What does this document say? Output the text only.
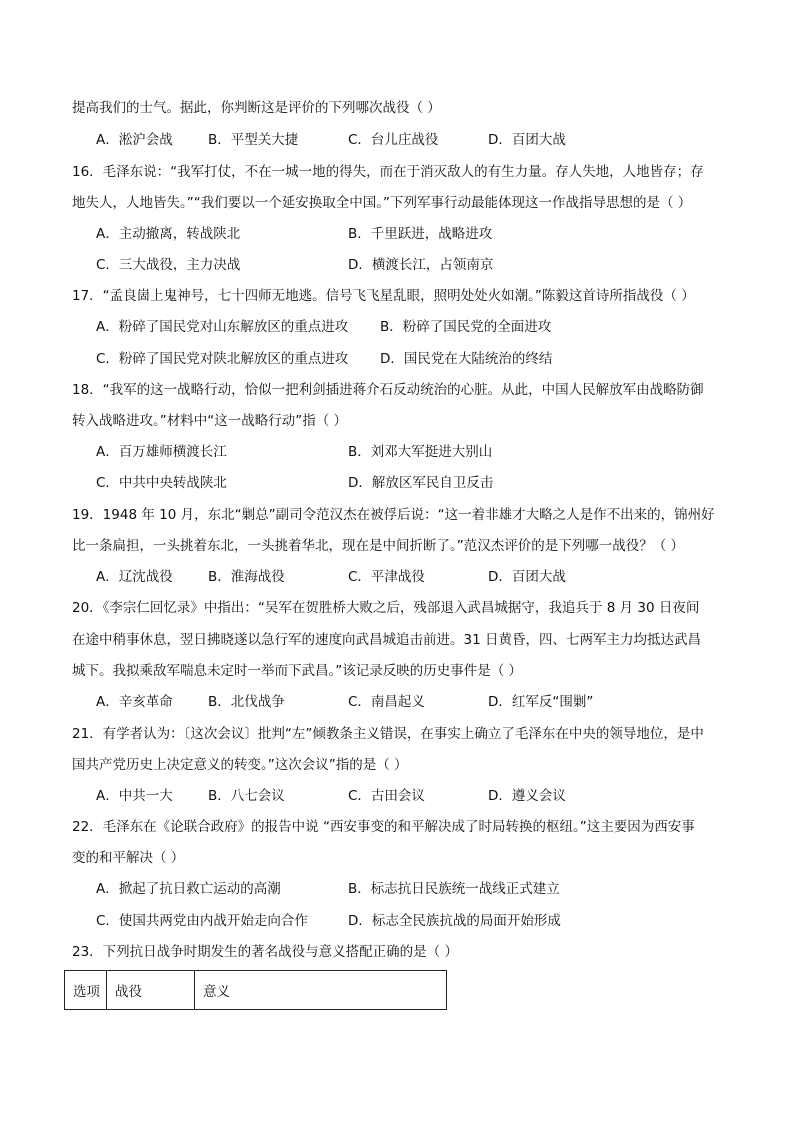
提高我们的士气。据此，你判断这是评价的下列哪次战役（ ）
A．淞沪会战	B．平型关大捷	C．台儿庄战役	D．百团大战
16．毛泽东说：“我军打仗，不在一城一地的得失，而在于消灭敌人的有生力量。存人失地，人地皆存；存
地失人，人地皆失。”“我们要以一个延安换取全中国。”下列军事行动最能体现这一作战指导思想的是（ ）
A．主动撤离，转战陕北	B．千里跃进，战略进攻
C．三大战役，主力决战	D．横渡长江，占领南京
17．“孟良崮上鬼神号，七十四师无地逃。信号飞飞星乱眼，照明处处火如潮。”陈毅这首诗所指战役（ ）
A．粉碎了国民党对山东解放区的重点进攻 B．粉碎了国民党的全面进攻
C．粉碎了国民党对陕北解放区的重点进攻 D．国民党在大陆统治的终结
18．“我军的这一战略行动，恰似一把利剑插进蒋介石反动统治的心脏。从此，中国人民解放军由战略防御
转入战略进攻。”材料中“这一战略行动”指（ ）
A．百万雄师横渡长江	B．刘邓大军挺进大别山
C．中共中央转战陕北	D．解放区军民自卫反击
19．1948 年 10 月，东北“剿总”副司令范汉杰在被俘后说：“这一着非雄才大略之人是作不出来的，锦州好
比一条扁担，一头挑着东北，一头挑着华北，现在是中间折断了。”范汉杰评价的是下列哪一战役？（ ）
A．辽沈战役	B．淮海战役	C．平津战役	D．百团大战
20．《李宗仁回忆录》中指出：“吴军在贺胜桥大败之后，残部退入武昌城据守，我追兵于 8 月 30 日夜间
在途中稍事休息，翌日拂晓遂以急行军的速度向武昌城追击前进。31 日黄昏，四、七两军主力均抵达武昌
城下。我拟乘敌军喘息未定时一举而下武昌。”该记录反映的历史事件是（ ）
A．辛亥革命	B．北伐战争	C．南昌起义	D．红军反“围剿”
21．有学者认为：〔这次会议〕批判“左”倾教条主义错误，在事实上确立了毛泽东在中央的领导地位，是中
国共产党历史上决定意义的转变。”这次会议”指的是（ ）
A．中共一大	B．八七会议	C．古田会议	D．遵义会议
22．毛泽东在《论联合政府》的报告中说 “西安事变的和平解决成了时局转换的枢纽。”这主要因为西安事
变的和平解决（ ）
A．掀起了抗日救亡运动的高潮	B．标志抗日民族统一战线正式建立
C．使国共两党由内战开始走向合作	D．标志全民族抗战的局面开始形成
23．下列抗日战争时期发生的著名战役与意义搭配正确的是（ ）
选项	战役	意义
